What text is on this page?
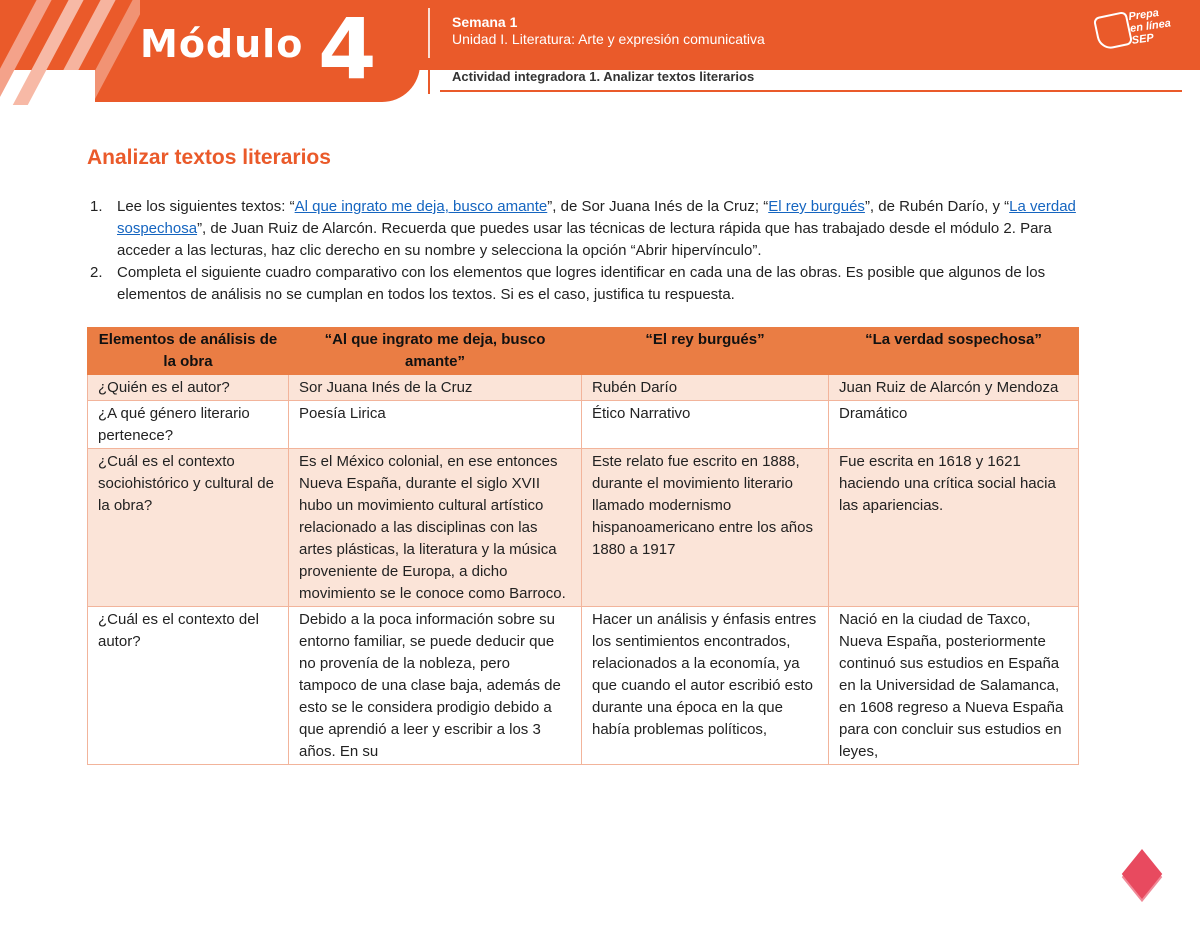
Módulo 4	Semana 1
Unidad I. Literatura: Arte y expresión comunicativa
Actividad integradora 1. Analizar textos literarios
Prepa en línea SEP
Analizar textos literarios
1. Lee los siguientes textos: “Al que ingrato me deja, busco amante”, de Sor Juana Inés de la Cruz; “El rey burgués”, de Rubén Darío, y “La verdad sospechosa”, de Juan Ruiz de Alarcón. Recuerda que puedes usar las técnicas de lectura rápida que has trabajado desde el módulo 2. Para acceder a las lecturas, haz clic derecho en su nombre y selecciona la opción “Abrir hipervínculo”.
2. Completa el siguiente cuadro comparativo con los elementos que logres identificar en cada una de las obras. Es posible que algunos de los elementos de análisis no se cumplan en todos los textos. Si es el caso, justifica tu respuesta.
Elementos de análisis de la obra	“Al que ingrato me deja, busco amante”	“El rey burgués”	“La verdad sospechosa”
¿Quién es el autor?	Sor Juana Inés de la Cruz	Rubén Darío	Juan Ruiz de Alarcón y Mendoza
¿A qué género literario pertenece?	Poesía Lirica	Ético Narrativo	Dramático
¿Cuál es el contexto sociohistórico y cultural de la obra?	Es el México colonial, en ese entonces Nueva España, durante el siglo XVII hubo un movimiento cultural artístico relacionado a las disciplinas con las artes plásticas, la literatura y la música proveniente de Europa, a dicho movimiento se le conoce como Barroco.	Este relato fue escrito en 1888, durante el movimiento literario llamado modernismo hispanoamericano entre los años 1880 a 1917	Fue escrita en 1618 y 1621 haciendo una crítica social hacia las apariencias.
¿Cuál es el contexto del autor?	Debido a la poca información sobre su entorno familiar, se puede deducir que no provenía de la nobleza, pero tampoco de una clase baja, además de esto se le considera prodigio debido a que aprendió a leer y escribir a los 3 años. En su	Hacer un análisis y énfasis entres los sentimientos encontrados, relacionados a la economía, ya que cuando el autor escribió esto durante una época en la que había problemas políticos,	Nació en la ciudad de Taxco, Nueva España, posteriormente continuó sus estudios en España en la Universidad de Salamanca, en 1608 regreso a Nueva España para con concluir sus estudios en leyes,
